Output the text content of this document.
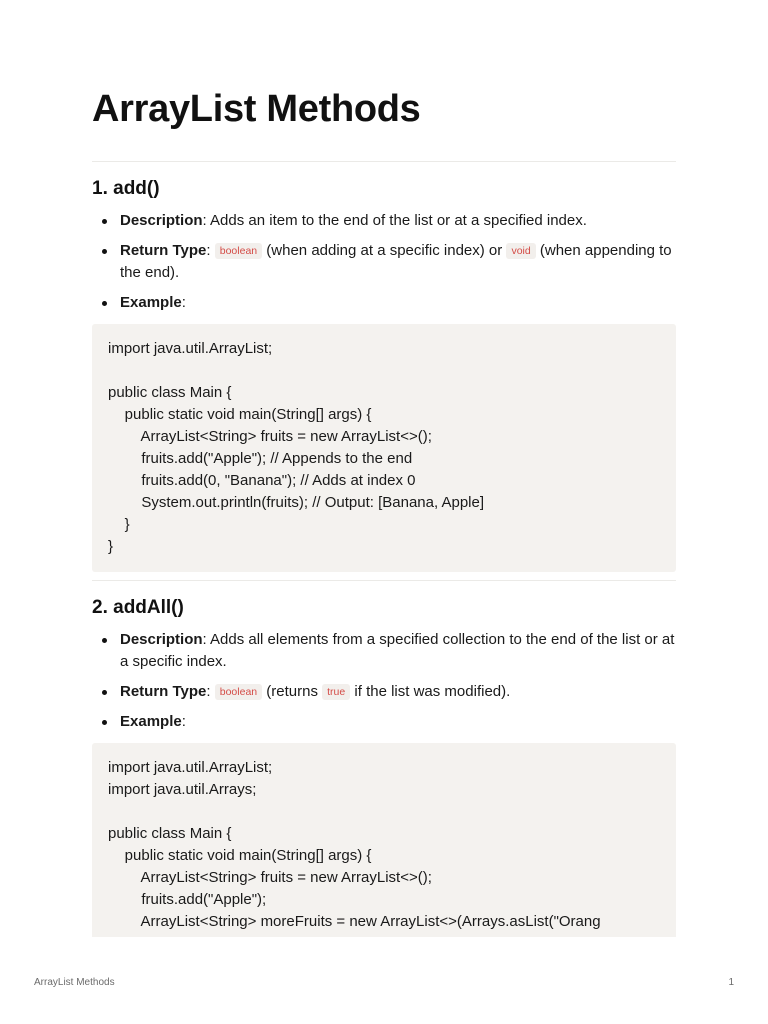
ArrayList Methods
1. add()
Description: Adds an item to the end of the list or at a specified index.
Return Type: boolean (when adding at a specific index) or void (when appending to the end).
Example:
import java.util.ArrayList;

public class Main {
public static void main(String[] args) {
ArrayList<String> fruits = new ArrayList<>();
fruits.add("Apple"); // Appends to the end
fruits.add(0, "Banana"); // Adds at index 0
System.out.println(fruits); // Output: [Banana, Apple]
}
}
2. addAll()
Description: Adds all elements from a specified collection to the end of the list or at a specific index.
Return Type: boolean (returns true if the list was modified).
Example:
import java.util.ArrayList;
import java.util.Arrays;

public class Main {
public static void main(String[] args) {
ArrayList<String> fruits = new ArrayList<>();
fruits.add("Apple");
ArrayList<String> moreFruits = new ArrayList<>(Arrays.asList("Orang
ArrayList Methods	1
